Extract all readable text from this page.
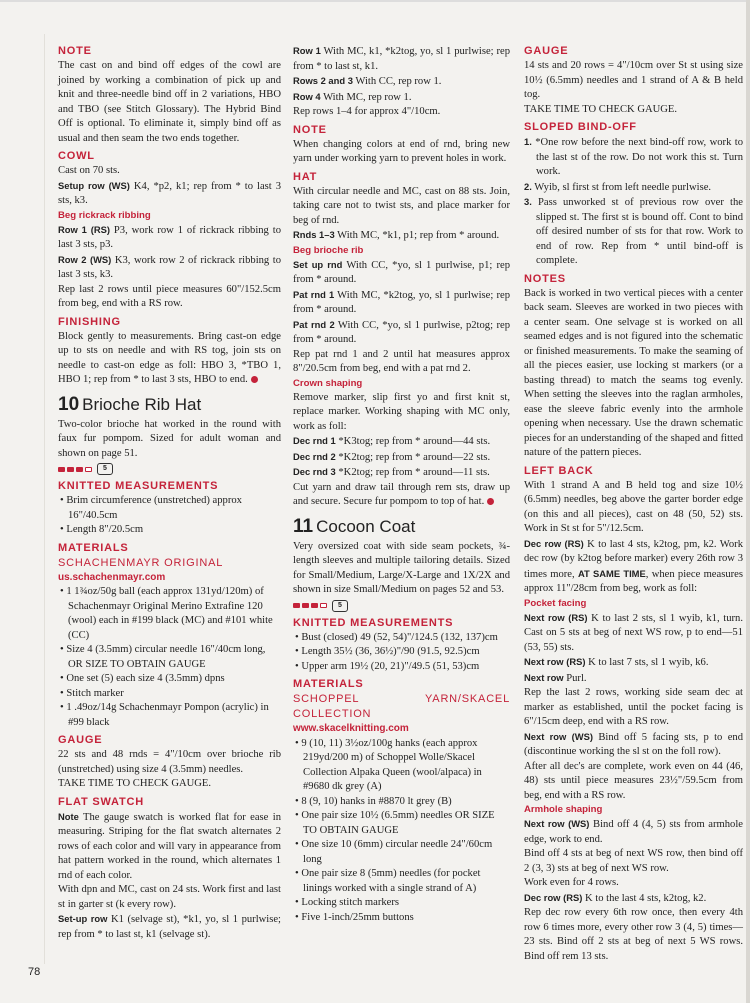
NOTE

The cast on and bind off edges of the cowl are joined by working a combination of pick up and knit and three-needle bind off in 2 variations, HBO and TBO (see Stitch Glossary). The Hybrid Bind Off is optional. To eliminate it, simply bind off as usual and then seam the two ends together.

COWL

Cast on 70 sts.

Setup row (WS) K4, *p2, k1; rep from * to last 3 sts, k3.

Beg rickrack ribbing

Row 1 (RS) P3, work row 1 of rickrack ribbing to last 3 sts, p3.

Row 2 (WS) K3, work row 2 of rickrack ribbing to last 3 sts, k3.

Rep last 2 rows until piece measures 60"/152.5cm from beg, end with a RS row.

FINISHING

Block gently to measurements. Bring cast-on edge up to sts on needle and with RS tog, join sts on needle to cast-on edge as foll: HBO 3, *TBO 1, HBO 1; rep from * to last 3 sts, HBO to end.

10 Brioche Rib Hat

Two-color brioche hat worked in the round with faux fur pompom. Sized for adult woman and shown on page 51.

5

KNITTED MEASUREMENTS

• Brim circumference (unstretched) approx 16"/40.5cm
• Length 8"/20.5cm

MATERIALS

SCHACHENMAYR ORIGINAL

us.schachenmayr.com

• 1 1¾oz/50g ball (each approx 131yd/120m) of Schachenmayr Original Merino Extrafine 120 (wool) each in #199 black (MC) and #101 white (CC)
• Size 4 (3.5mm) circular needle 16"/40cm long, OR SIZE TO OBTAIN GAUGE
• One set (5) each size 4 (3.5mm) dpns
• Stitch marker
• 1 .49oz/14g Schachenmayr Pompon (acrylic) in #99 black

GAUGE

22 sts and 48 rnds = 4"/10cm over brioche rib (unstretched) using size 4 (3.5mm) needles.

TAKE TIME TO CHECK GAUGE.

FLAT SWATCH

Note The gauge swatch is worked flat for ease in measuring. Striping for the flat swatch alternates 2 rows of each color and will vary in appearance from hat pattern worked in the round, which alternates 1 rnd of each color.

With dpn and MC, cast on 24 sts. Work first and last st in garter st (k every row).

Set-up row K1 (selvage st), *k1, yo, sl 1 purlwise; rep from * to last st, k1 (selvage st).

Row 1 With MC, k1, *k2tog, yo, sl 1 purlwise; rep from * to last st, k1.

Rows 2 and 3 With CC, rep row 1.

Row 4 With MC, rep row 1.

Rep rows 1–4 for approx 4"/10cm.

NOTE

When changing colors at end of rnd, bring new yarn under working yarn to prevent holes in work.

HAT

With circular needle and MC, cast on 88 sts. Join, taking care not to twist sts, and place marker for beg of rnd.

Rnds 1–3 With MC, *k1, p1; rep from * around.

Beg brioche rib

Set up rnd With CC, *yo, sl 1 purlwise, p1; rep from * around.

Pat rnd 1 With MC, *k2tog, yo, sl 1 purlwise; rep from * around.

Pat rnd 2 With CC, *yo, sl 1 purlwise, p2tog; rep from * around.

Rep pat rnd 1 and 2 until hat measures approx 8"/20.5cm from beg, end with a pat rnd 2.

Crown shaping

Remove marker, slip first yo and first knit st, replace marker. Working shaping with MC only, work as foll:

Dec rnd 1 *K3tog; rep from * around—44 sts.

Dec rnd 2 *K2tog; rep from * around—22 sts.

Dec rnd 3 *K2tog; rep from * around—11 sts.

Cut yarn and draw tail through rem sts, draw up and secure. Secure fur pompom to top of hat.

11 Cocoon Coat

Very oversized coat with side seam pockets, ¾-length sleeves and multiple tailoring details. Sized for Small/Medium, Large/X-Large and 1X/2X and shown in size Small/Medium on pages 52 and 53.

5

KNITTED MEASUREMENTS

• Bust (closed) 49 (52, 54)"/124.5 (132, 137)cm
• Length 35½ (36, 36½)"/90 (91.5, 92.5)cm
• Upper arm 19½ (20, 21)"/49.5 (51, 53)cm

MATERIALS

SCHOPPEL YARN/SKACEL COLLECTION

www.skacelknitting.com

• 9 (10, 11) 3½oz/100g hanks (each approx 219yd/200 m) of Schoppel Wolle/Skacel Collection Alpaka Queen (wool/alpaca) in #9680 dk grey (A)
• 8 (9, 10) hanks in #8870 lt grey (B)
• One pair size 10½ (6.5mm) needles OR SIZE TO OBTAIN GAUGE
• One size 10 (6mm) circular needle 24"/60cm long
• One pair size 8 (5mm) needles (for pocket linings worked with a single strand of A)
• Locking stitch markers
• Five 1-inch/25mm buttons

GAUGE

14 sts and 20 rows = 4"/10cm over St st using size 10½ (6.5mm) needles and 1 strand of A & B held tog.

TAKE TIME TO CHECK GAUGE.

SLOPED BIND-OFF

1. *One row before the next bind-off row, work to the last st of the row. Do not work this st. Turn work.
2. Wyib, sl first st from left needle purlwise.
3. Pass unworked st of previous row over the slipped st. The first st is bound off. Cont to bind off desired number of sts for that row. Work to end of row. Rep from * until bind-off is complete.

NOTES

Back is worked in two vertical pieces with a center back seam. Sleeves are worked in two pieces with a center seam. One selvage st is worked on all seamed edges and is not figured into the schematic or finished measurements. To make the seaming of all the pieces easier, use locking st markers (or a basting thread) to match the seams tog evenly. When setting the sleeves into the raglan armholes, ease the sleeve fabric evenly into the armhole opening when necessary. Use the drawn schematic pieces for an understanding of the shaped and fitted nature of the pattern pieces.

LEFT BACK

With 1 strand A and B held tog and size 10½ (6.5mm) needles, beg above the garter border edge (on this and all pieces), cast on 48 (50, 52) sts. Work in St st for 5"/12.5cm.

Dec row (RS) K to last 4 sts, k2tog, pm, k2. Work dec row (by k2tog before marker) every 26th row 3 times more, AT SAME TIME, when piece measures approx 11"/28cm from beg, work as foll:

Pocket facing

Next row (RS) K to last 2 sts, sl 1 wyib, k1, turn. Cast on 5 sts at beg of next WS row, p to end—51 (53, 55) sts.

Next row (RS) K to last 7 sts, sl 1 wyib, k6.

Next row Purl.

Rep the last 2 rows, working side seam dec at marker as established, until the pocket facing is 6"/15cm deep, end with a RS row.

Next row (WS) Bind off 5 facing sts, p to end (discontinue working the sl st on the foll row).

After all dec's are complete, work even on 44 (46, 48) sts until piece measures 23½"/59.5cm from beg, end with a RS row.

Armhole shaping

Next row (WS) Bind off 4 (4, 5) sts from armhole edge, work to end.

Bind off 4 sts at beg of next WS row, then bind off 2 (3, 3) sts at beg of next WS row.

Work even for 4 rows.

Dec row (RS) K to the last 4 sts, k2tog, k2.

Rep dec row every 6th row once, then every 4th row 6 times more, every other row 3 (4, 5) times—23 sts. Bind off 2 sts at beg of next 5 WS rows. Bind off rem 13 sts.

78
